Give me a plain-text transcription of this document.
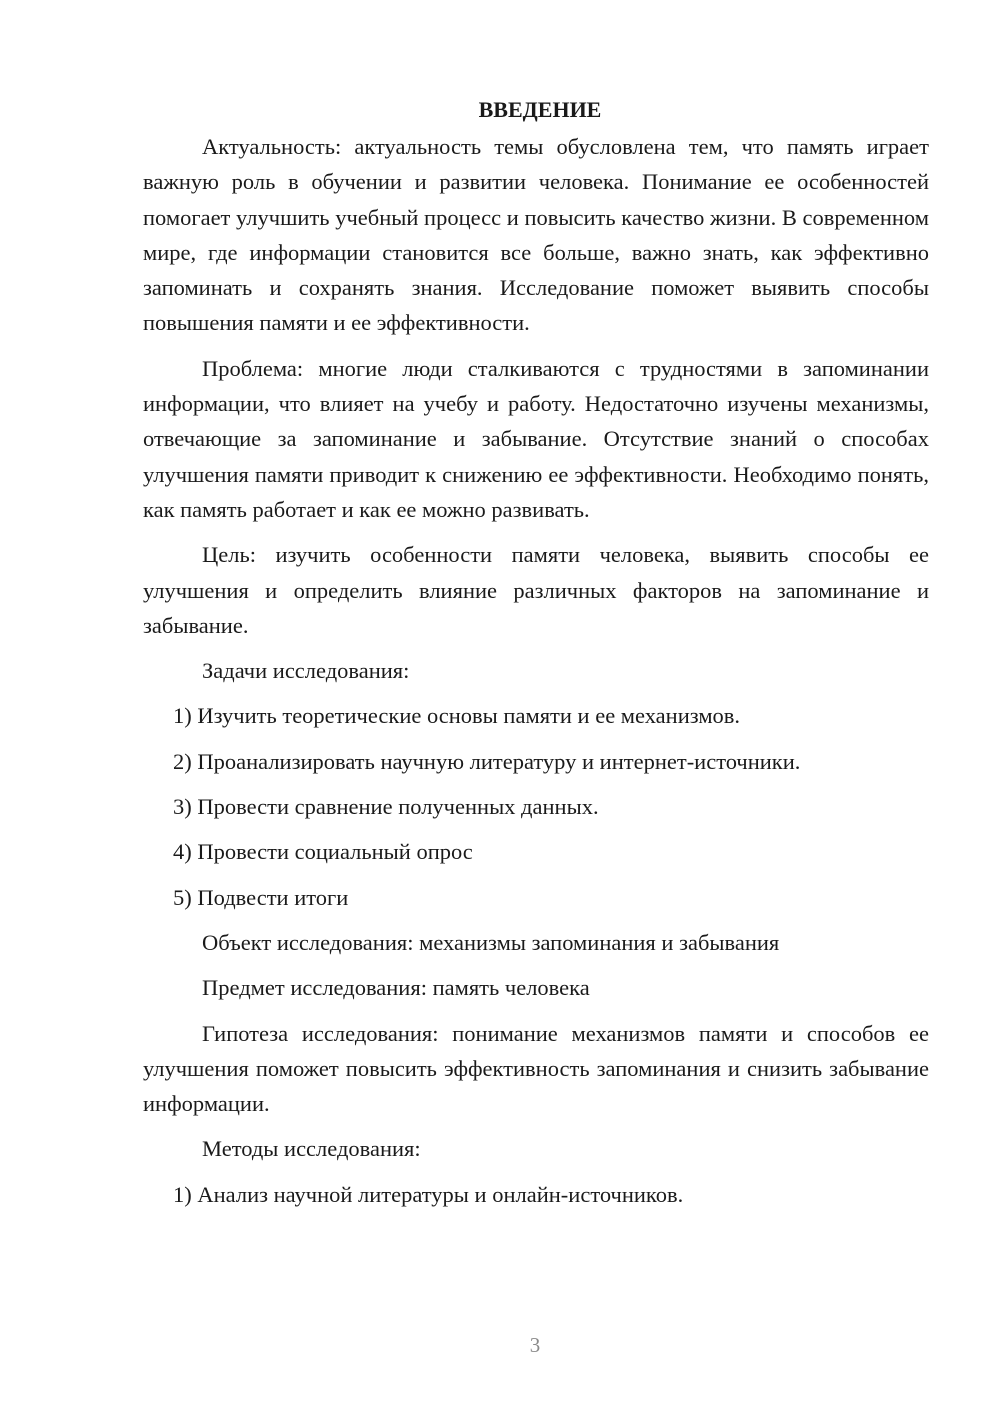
ВВЕДЕНИЕ

Актуальность: актуальность темы обусловлена тем, что память играет важную роль в обучении и развитии человека. Понимание ее особенностей помогает улучшить учебный процесс и повысить качество жизни. В современном мире, где информации становится все больше, важно знать, как эффективно запоминать и сохранять знания. Исследование поможет выявить способы повышения памяти и ее эффективности.

Проблема: многие люди сталкиваются с трудностями в запоминании информации, что влияет на учебу и работу. Недостаточно изучены механизмы, отвечающие за запоминание и забывание. Отсутствие знаний о способах улучшения памяти приводит к снижению ее эффективности. Необходимо понять, как память работает и как ее можно развивать.

Цель: изучить особенности памяти человека, выявить способы ее улучшения и определить влияние различных факторов на запоминание и забывание.

Задачи исследования:

1) Изучить теоретические основы памяти и ее механизмов.

2) Проанализировать научную литературу и интернет-источники.

3) Провести сравнение полученных данных.

4) Провести социальный опрос

5) Подвести итоги

Объект исследования: механизмы запоминания и забывания

Предмет исследования: память человека

Гипотеза исследования: понимание механизмов памяти и способов ее улучшения поможет повысить эффективность запоминания и снизить забывание информации.

Методы исследования:

1) Анализ научной литературы и онлайн-источников.

3
